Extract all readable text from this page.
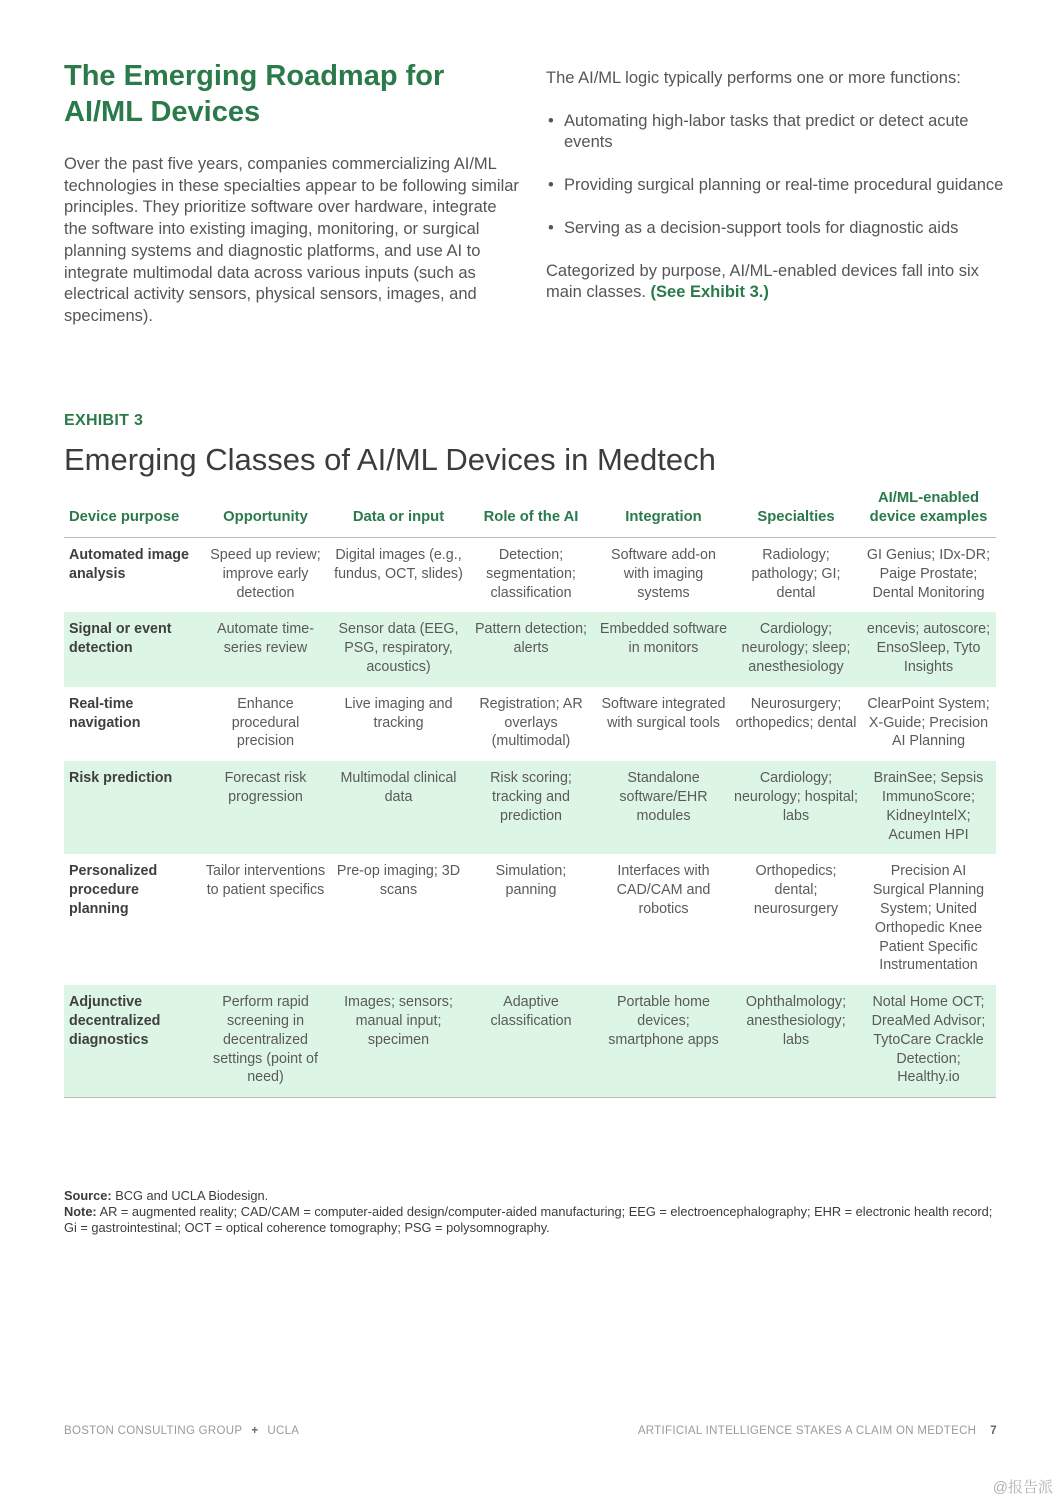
The Emerging Roadmap for AI/ML Devices

Over the past five years, companies commercializing AI/ML technologies in these specialties appear to be following similar principles. They prioritize software over hardware, integrate the software into existing imaging, monitoring, or surgical planning systems and diagnostic platforms, and use AI to integrate multimodal data across various inputs (such as electrical activity sensors, physical sensors, images, and specimens).

The AI/ML logic typically performs one or more functions:

• Automating high-labor tasks that predict or detect acute events
• Providing surgical planning or real-time procedural guidance
• Serving as a decision-support tools for diagnostic aids

Categorized by purpose, AI/ML-enabled devices fall into six main classes. (See Exhibit 3.)

EXHIBIT 3
Emerging Classes of AI/ML Devices in Medtech
Device purpose	Opportunity	Data or input	Role of the AI	Integration	Specialties	AI/ML-enabled device examples
Automated image analysis	Speed up review; improve early detection	Digital images (e.g., fundus, OCT, slides)	Detection; segmentation; classification	Software add-on with imaging systems	Radiology; pathology; GI; dental	GI Genius; IDx-DR; Paige Prostate; Dental Monitoring
Signal or event detection	Automate time-series review	Sensor data (EEG, PSG, respiratory, acoustics)	Pattern detection; alerts	Embedded software in monitors	Cardiology; neurology; sleep; anesthesiology	encevis; autoscore; EnsoSleep, Tyto Insights
Real-time navigation	Enhance procedural precision	Live imaging and tracking	Registration; AR overlays (multimodal)	Software integrated with surgical tools	Neurosurgery; orthopedics; dental	ClearPoint System; X-Guide; Precision AI Planning
Risk prediction	Forecast risk progression	Multimodal clinical data	Risk scoring; tracking and prediction	Standalone software/EHR modules	Cardiology; neurology; hospital; labs	BrainSee; Sepsis ImmunoScore; KidneyIntelX; Acumen HPI
Personalized procedure planning	Tailor interventions to patient specifics	Pre-op imaging; 3D scans	Simulation; panning	Interfaces with CAD/CAM and robotics	Orthopedics; dental; neurosurgery	Precision AI Surgical Planning System; United Orthopedic Knee Patient Specific Instrumentation
Adjunctive decentralized diagnostics	Perform rapid screening in decentralized settings (point of need)	Images; sensors; manual input; specimen	Adaptive classification	Portable home devices; smartphone apps	Ophthalmology; anesthesiology; labs	Notal Home OCT; DreaMed Advisor; TytoCare Crackle Detection; Healthy.io

Source: BCG and UCLA Biodesign.

Note: AR = augmented reality; CAD/CAM = computer-aided design/computer-aided manufacturing; EEG = electroencephalography; EHR = electronic health record; Gi = gastrointestinal; OCT = optical coherence tomography; PSG = polysomnography.

BOSTON CONSULTING GROUP + UCLA	ARTIFICIAL INTELLIGENCE STAKES A CLAIM ON MEDTECH 7
@报告派
